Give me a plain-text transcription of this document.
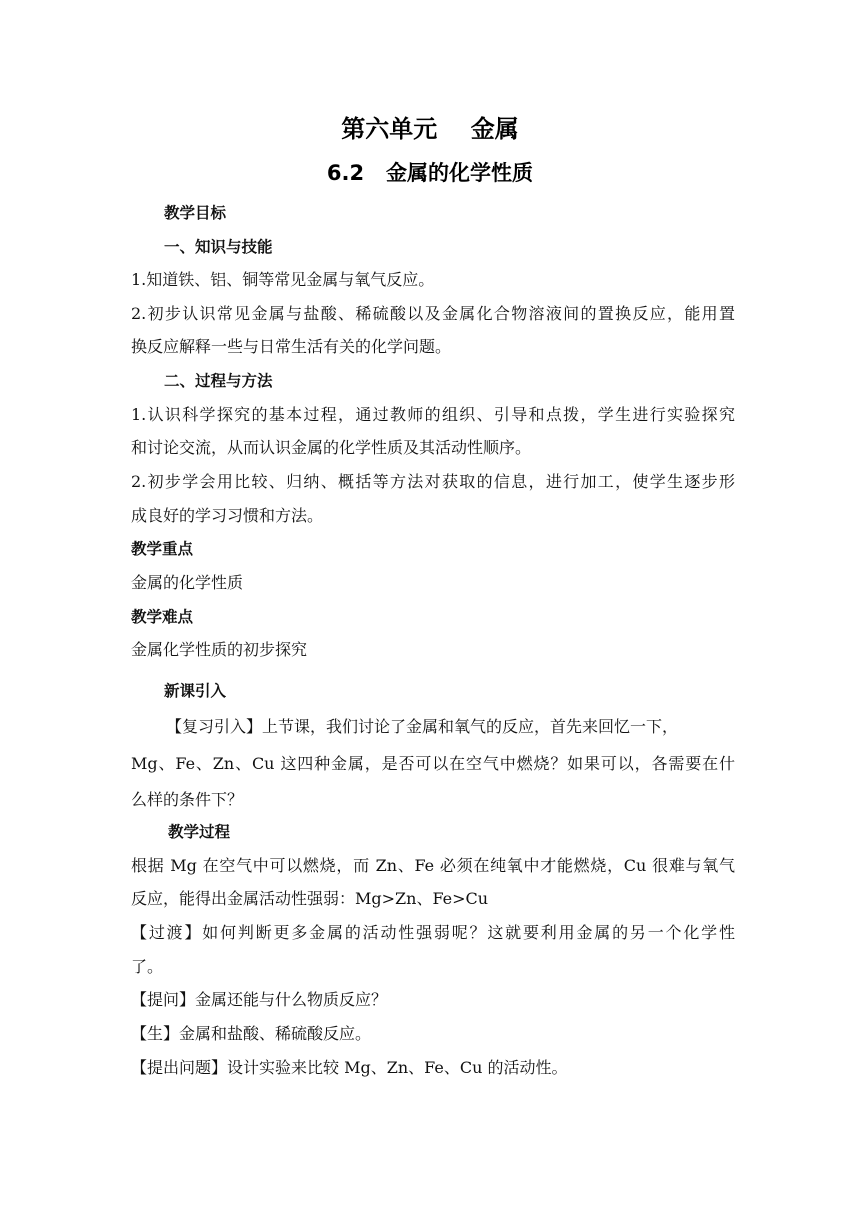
第六单元    金属
6.2   金属的化学性质
教学目标
一、知识与技能
1.知道铁、铝、铜等常见金属与氧气反应。
2.初步认识常见金属与盐酸、稀硫酸以及金属化合物溶液间的置换反应，能用置
换反应解释一些与日常生活有关的化学问题。
二、过程与方法
1.认识科学探究的基本过程，通过教师的组织、引导和点拨，学生进行实验探究
和讨论交流，从而认识金属的化学性质及其活动性顺序。
2.初步学会用比较、归纳、概括等方法对获取的信息，进行加工，使学生逐步形
成良好的学习习惯和方法。
教学重点
金属的化学性质
教学难点
金属化学性质的初步探究
新课引入
【复习引入】上节课，我们讨论了金属和氧气的反应，首先来回忆一下，
Mg、Fe、Zn、Cu 这四种金属，是否可以在空气中燃烧？如果可以，各需要在什
么样的条件下？
教学过程
根据 Mg 在空气中可以燃烧，而 Zn、Fe 必须在纯氧中才能燃烧，Cu 很难与氧气
反应，能得出金属活动性强弱：Mg>Zn、Fe>Cu
【过渡】如何判断更多金属的活动性强弱呢？这就要利用金属的另一个化学性
了。
【提问】金属还能与什么物质反应？
【生】金属和盐酸、稀硫酸反应。
【提出问题】设计实验来比较 Mg、Zn、Fe、Cu 的活动性。
